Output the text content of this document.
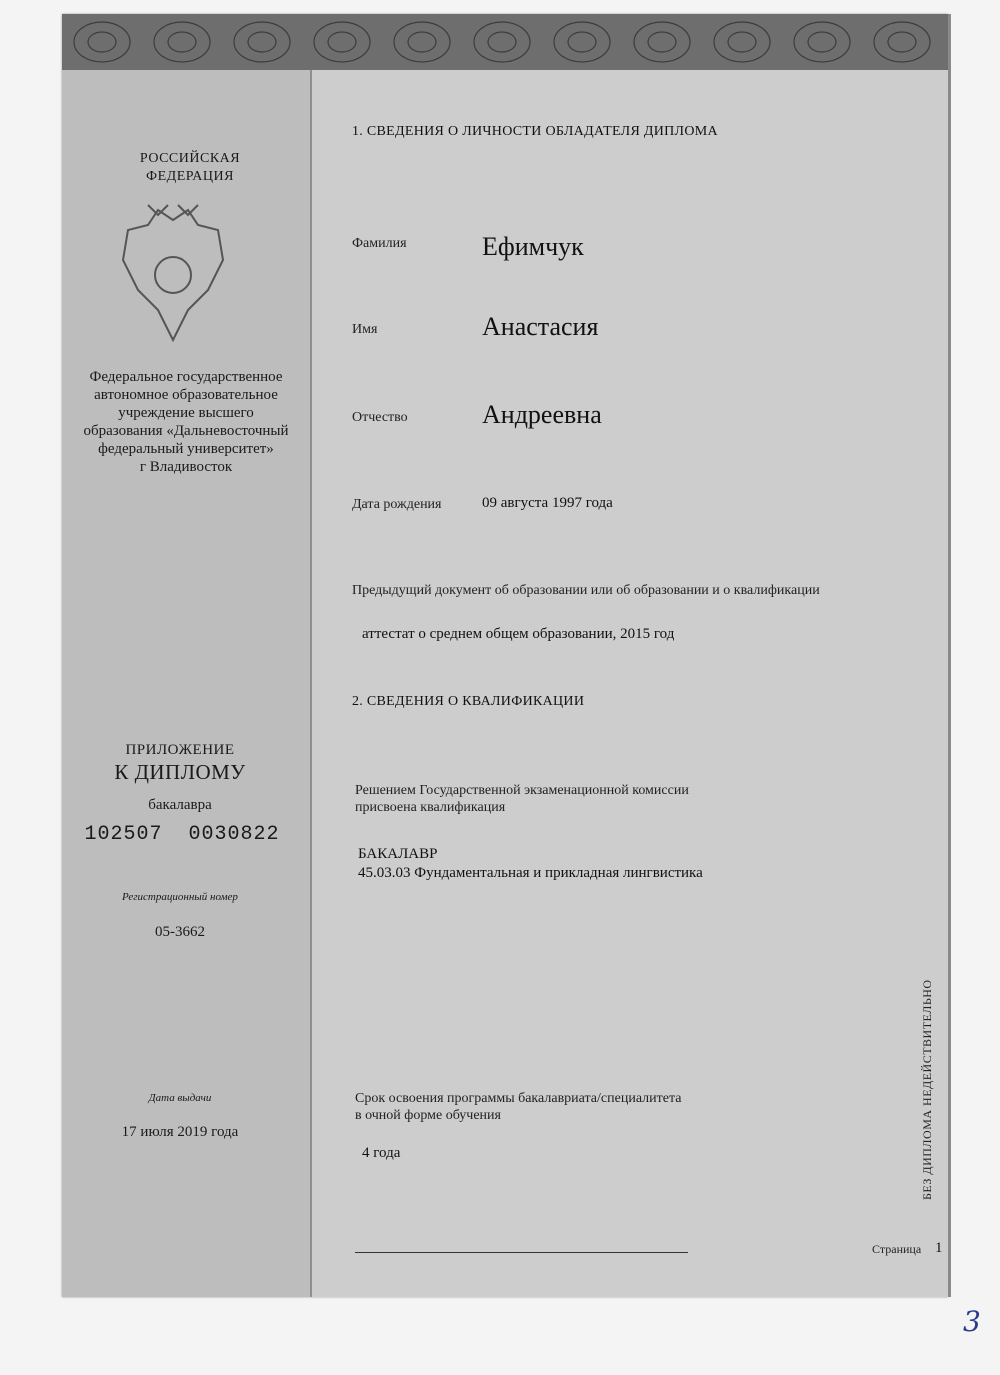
РОССИЙСКАЯ
ФЕДЕРАЦИЯ
Федеральное государственное
автономное образовательное
учреждение высшего
образования «Дальневосточный
федеральный университет»
г Владивосток
ПРИЛОЖЕНИЕ
К ДИПЛОМУ
бакалавра
102507  0030822
Регистрационный номер
05-3662
Дата выдачи
17 июля 2019 года
1. СВЕДЕНИЯ О ЛИЧНОСТИ ОБЛАДАТЕЛЯ ДИПЛОМА
Фамилия	Ефимчук
Имя	Анастасия
Отчество	Андреевна
Дата рождения	09 августа 1997 года
Предыдущий документ об образовании или об образовании и о квалификации
аттестат о среднем общем образовании, 2015 год
2. СВЕДЕНИЯ О КВАЛИФИКАЦИИ
Решением Государственной экзаменационной комиссии
присвоена квалификация
БАКАЛАВР
45.03.03 Фундаментальная и прикладная лингвистика
Срок освоения программы бакалавриата/специалитета
в очной форме обучения
4 года
Страница 1
БЕЗ ДИПЛОМА НЕДЕЙСТВИТЕЛЬНО
3
